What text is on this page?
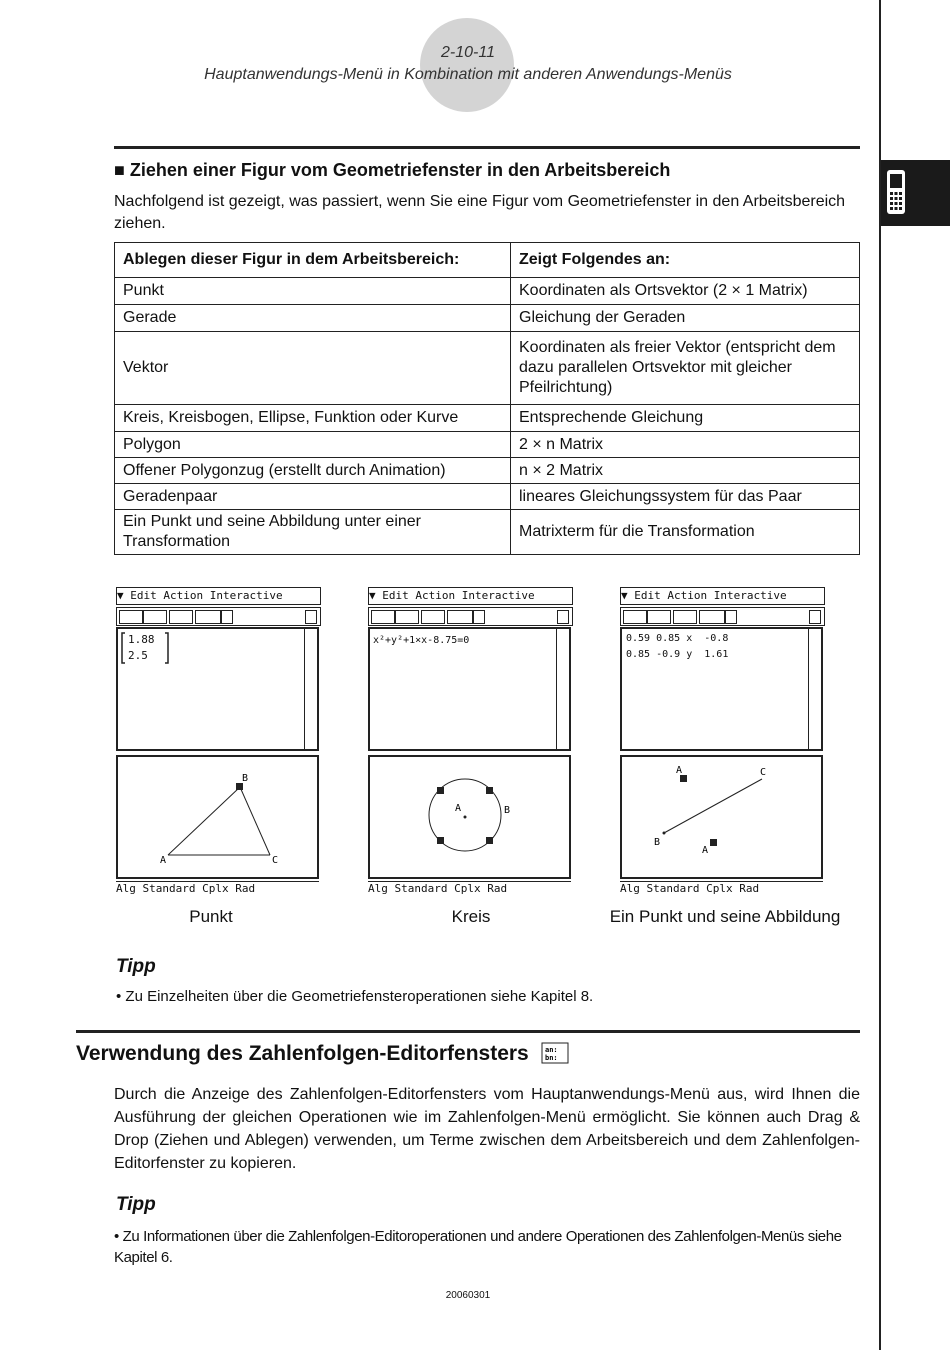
2-10-11
Hauptanwendungs-Menü in Kombination mit anderen Anwendungs-Menüs
■ Ziehen einer Figur vom Geometriefenster in den Arbeitsbereich
Nachfolgend ist gezeigt, was passiert, wenn Sie eine Figur vom Geometriefenster in den Arbeitsbereich ziehen.
Ablegen dieser Figur in dem Arbeitsbereich:	Zeigt Folgendes an:
Punkt	Koordinaten als Ortsvektor (2 × 1 Matrix)
Gerade	Gleichung der Geraden
Vektor	Koordinaten als freier Vektor (entspricht dem dazu parallelen Ortsvektor mit gleicher Pfeilrichtung)
Kreis, Kreisbogen, Ellipse, Funktion oder Kurve	Entsprechende Gleichung
Polygon	2 × n Matrix
Offener Polygonzug (erstellt durch Animation)	n × 2 Matrix
Geradenpaar	lineares Gleichungssystem für das Paar
Ein Punkt und seine Abbildung unter einer Transformation	Matrixterm für die Transformation
▼ Edit Action Interactive
1.88
2.5
B
A	C
Alg Standard Cplx Rad
Punkt
▼ Edit Action Interactive
x²+y²+1×x-8.75=0
A	B
Alg Standard Cplx Rad
Kreis
▼ Edit Action Interactive
0.59 0.85 x  -0.8
0.85 -0.9 y  1.61
A	C
B
A
Alg Standard Cplx Rad
Ein Punkt und seine Abbildung
Tipp
• Zu Einzelheiten über die Geometriefensteroperationen siehe Kapitel 8.
Verwendung des Zahlenfolgen-Editorfensters an:
bn:
Durch die Anzeige des Zahlenfolgen-Editorfensters vom Hauptanwendungs-Menü aus, wird Ihnen die Ausführung der gleichen Operationen wie im Zahlenfolgen-Menü ermöglicht. Sie können auch Drag & Drop (Ziehen und Ablegen) verwenden, um Terme zwischen dem Arbeitsbereich und dem Zahlenfolgen-Editorfenster zu kopieren.
Tipp
• Zu Informationen über die Zahlenfolgen-Editoroperationen und andere Operationen des Zahlenfolgen-Menüs siehe Kapitel 6.
20060301
